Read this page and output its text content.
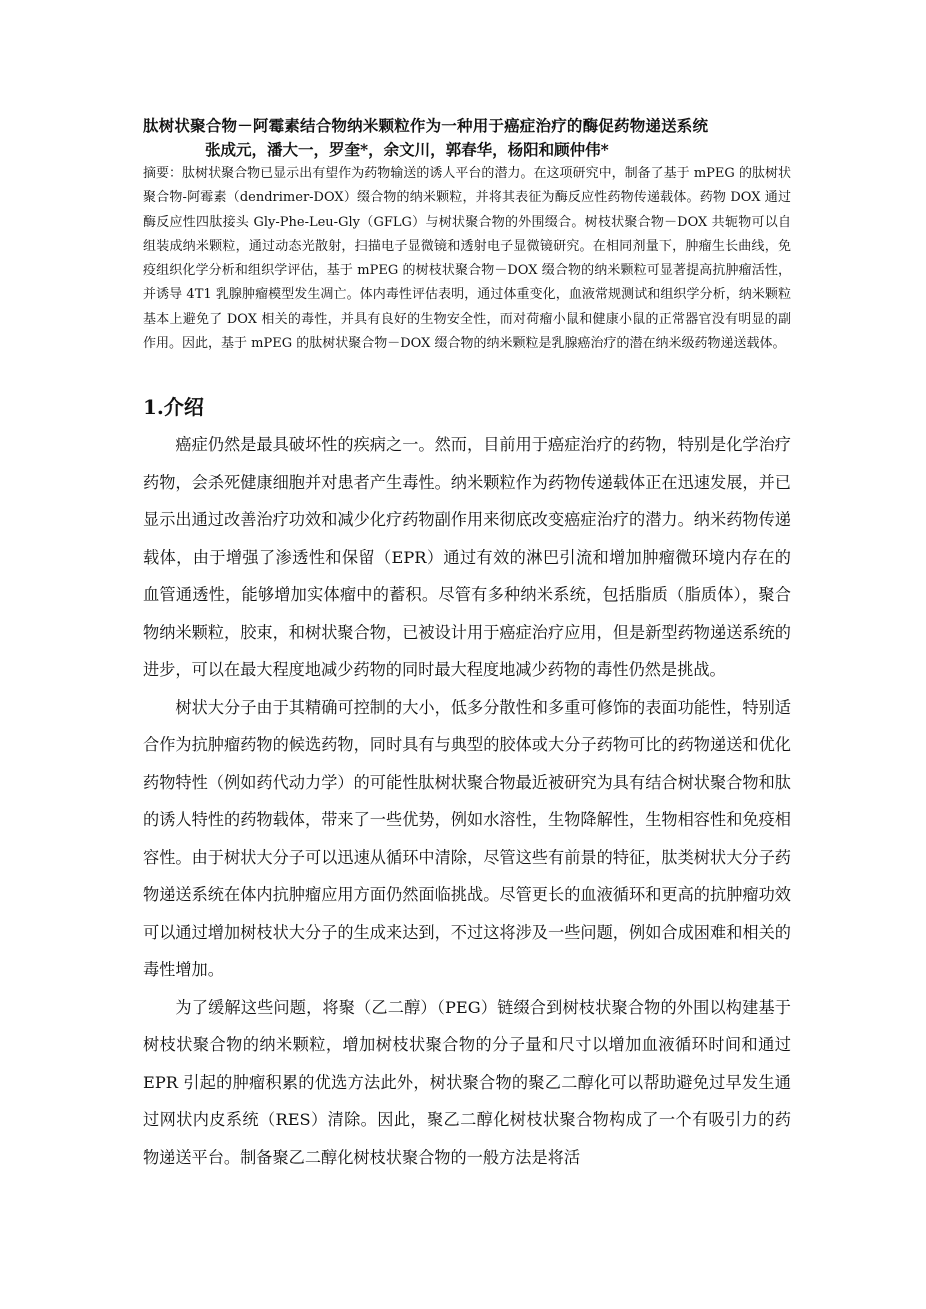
肽树状聚合物－阿霉素结合物纳米颗粒作为一种用于癌症治疗的酶促药物递送系统
张成元，潘大一，罗奎*，余文川，郭春华，杨阳和顾仲伟*
摘要：肽树状聚合物已显示出有望作为药物输送的诱人平台的潜力。在这项研究中，制备了基于 mPEG 的肽树状聚合物-阿霉素（dendrimer-DOX）缀合物的纳米颗粒，并将其表征为酶反应性药物传递载体。药物 DOX 通过酶反应性四肽接头 Gly-Phe-Leu-Gly（GFLG）与树状聚合物的外围缀合。树枝状聚合物－DOX 共轭物可以自组装成纳米颗粒，通过动态光散射，扫描电子显微镜和透射电子显微镜研究。在相同剂量下，肿瘤生长曲线，免疫组织化学分析和组织学评估，基于 mPEG 的树枝状聚合物－DOX 缀合物的纳米颗粒可显著提高抗肿瘤活性，并诱导 4T1 乳腺肿瘤模型发生凋亡。体内毒性评估表明，通过体重变化，血液常规测试和组织学分析，纳米颗粒基本上避免了 DOX 相关的毒性，并具有良好的生物安全性，而对荷瘤小鼠和健康小鼠的正常器官没有明显的副作用。因此，基于 mPEG 的肽树状聚合物－DOX 缀合物的纳米颗粒是乳腺癌治疗的潜在纳米级药物递送载体。
1.介绍

癌症仍然是最具破坏性的疾病之一。然而，目前用于癌症治疗的药物，特别是化学治疗药物，会杀死健康细胞并对患者产生毒性。纳米颗粒作为药物传递载体正在迅速发展，并已显示出通过改善治疗功效和减少化疗药物副作用来彻底改变癌症治疗的潜力。纳米药物传递载体，由于增强了渗透性和保留（EPR）通过有效的淋巴引流和增加肿瘤微环境内存在的血管通透性，能够增加实体瘤中的蓄积。尽管有多种纳米系统，包括脂质（脂质体），聚合物纳米颗粒，胶束，和树状聚合物，已被设计用于癌症治疗应用，但是新型药物递送系统的进步，可以在最大程度地减少药物的同时最大程度地减少药物的毒性仍然是挑战。

树状大分子由于其精确可控制的大小，低多分散性和多重可修饰的表面功能性，特别适合作为抗肿瘤药物的候选药物，同时具有与典型的胶体或大分子药物可比的药物递送和优化药物特性（例如药代动力学）的可能性肽树状聚合物最近被研究为具有结合树状聚合物和肽的诱人特性的药物载体，带来了一些优势，例如水溶性，生物降解性，生物相容性和免疫相容性。由于树状大分子可以迅速从循环中清除，尽管这些有前景的特征，肽类树状大分子药物递送系统在体内抗肿瘤应用方面仍然面临挑战。尽管更长的血液循环和更高的抗肿瘤功效可以通过增加树枝状大分子的生成来达到，不过这将涉及一些问题，例如合成困难和相关的毒性增加。

为了缓解这些问题，将聚（乙二醇）（PEG）链缀合到树枝状聚合物的外围以构建基于树枝状聚合物的纳米颗粒，增加树枝状聚合物的分子量和尺寸以增加血液循环时间和通过 EPR 引起的肿瘤积累的优选方法此外，树状聚合物的聚乙二醇化可以帮助避免过早发生通过网状内皮系统（RES）清除。因此，聚乙二醇化树枝状聚合物构成了一个有吸引力的药物递送平台。制备聚乙二醇化树枝状聚合物的一般方法是将活
